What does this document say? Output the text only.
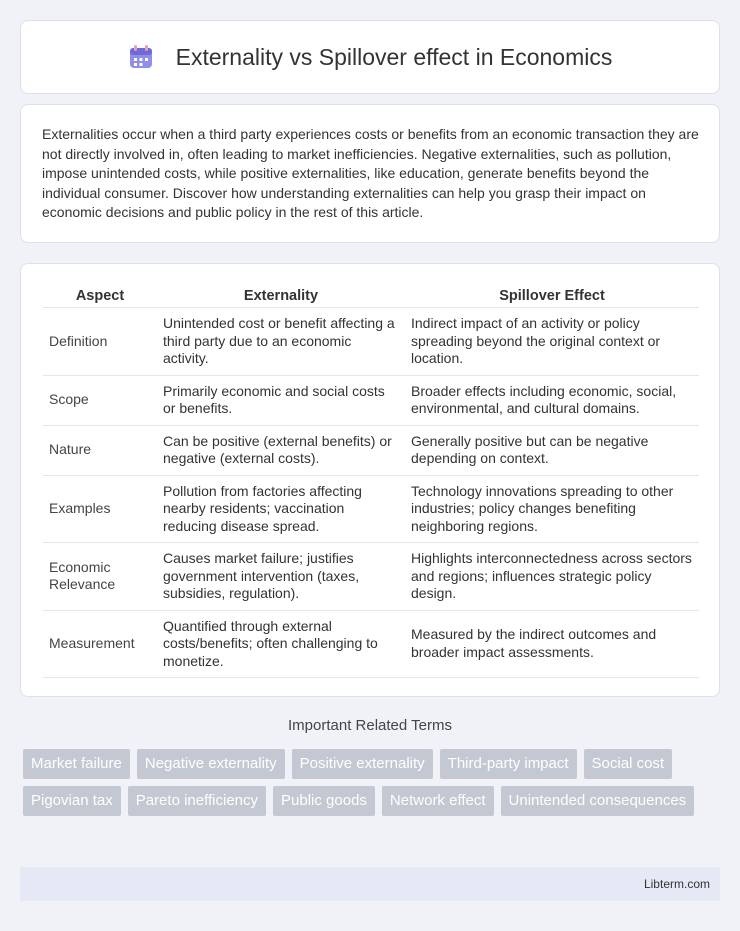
Externality vs Spillover effect in Economics

Externalities occur when a third party experiences costs or benefits from an economic transaction they are not directly involved in, often leading to market inefficiencies. Negative externalities, such as pollution, impose unintended costs, while positive externalities, like education, generate benefits beyond the individual consumer. Discover how understanding externalities can help you grasp their impact on economic decisions and public policy in the rest of this article.

Aspect	Externality	Spillover Effect
Definition	Unintended cost or benefit affecting a third party due to an economic activity.	Indirect impact of an activity or policy spreading beyond the original context or location.
Scope	Primarily economic and social costs or benefits.	Broader effects including economic, social, environmental, and cultural domains.
Nature	Can be positive (external benefits) or negative (external costs).	Generally positive but can be negative depending on context.
Examples	Pollution from factories affecting nearby residents; vaccination reducing disease spread.	Technology innovations spreading to other industries; policy changes benefiting neighboring regions.
Economic Relevance	Causes market failure; justifies government intervention (taxes, subsidies, regulation).	Highlights interconnectedness across sectors and regions; influences strategic policy design.
Measurement	Quantified through external costs/benefits; often challenging to monetize.	Measured by the indirect outcomes and broader impact assessments.
Important Related Terms
Market failure	Negative externality	Positive externality	Third-party impact	Social cost
Pigovian tax	Pareto inefficiency	Public goods	Network effect	Unintended consequences
Libterm.com
